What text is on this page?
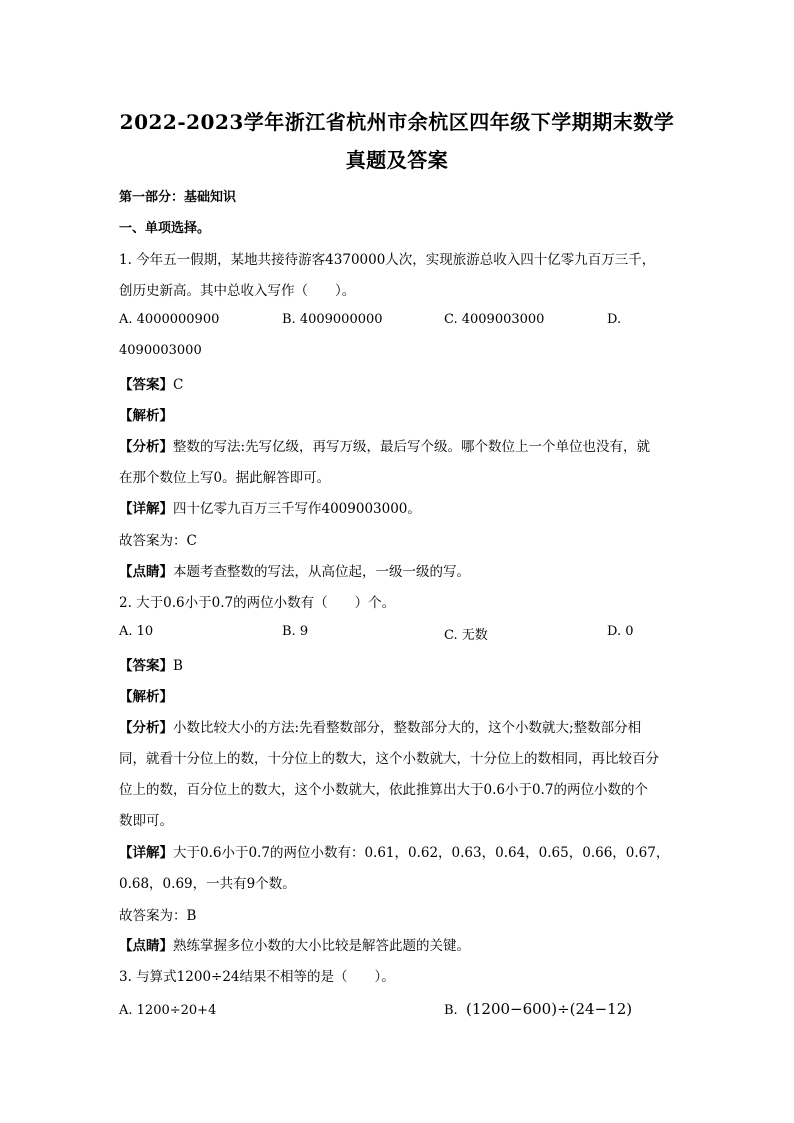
2022-2023学年浙江省杭州市余杭区四年级下学期期末数学
真题及答案
第一部分：基础知识
一、单项选择。
1. 今年五一假期，某地共接待游客4370000人次，实现旅游总收入四十亿零九百万三千，
创历史新高。其中总收入写作（　　）。
A. 4000000900	B. 4009000000	C. 4009003000	D.
4090003000
【答案】C
【解析】
【分析】整数的写法:先写亿级，再写万级，最后写个级。哪个数位上一个单位也没有，就
在那个数位上写0。据此解答即可。
【详解】四十亿零九百万三千写作4009003000。
故答案为：C
【点睛】本题考查整数的写法，从高位起，一级一级的写。
2. 大于0.6小于0.7的两位小数有（　　）个。
A. 10	B. 9	C. 无数	D. 0
【答案】B
【解析】
【分析】小数比较大小的方法:先看整数部分，整数部分大的，这个小数就大;整数部分相
同，就看十分位上的数，十分位上的数大，这个小数就大，十分位上的数相同，再比较百分
位上的数，百分位上的数大，这个小数就大，依此推算出大于0.6小于0.7的两位小数的个
数即可。
【详解】大于0.6小于0.7的两位小数有：0.61，0.62，0.63，0.64，0.65，0.66，0.67，
0.68，0.69，一共有9个数。
故答案为：B
【点睛】熟练掌握多位小数的大小比较是解答此题的关键。
3. 与算式1200÷24结果不相等的是（　　）。
A. 1200÷20+4	B. (1200−600)÷(24−12)
